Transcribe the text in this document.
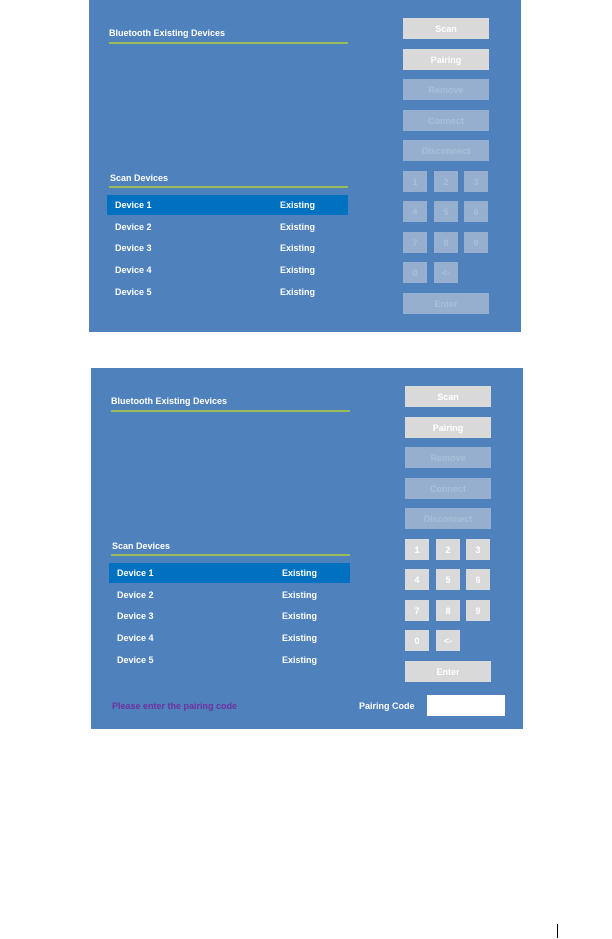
Bluetooth Existing Devices
Scan Devices
Device 1	Existing
Device 2	Existing
Device 3	Existing
Device 4	Existing
Device 5	Existing
Scan
Pairing
Remove
Connect
Disconnect
1	2	3
4	5	6
7	8	9
0	<-
Enter
Bluetooth Existing Devices
Scan Devices
Device 1	Existing
Device 2	Existing
Device 3	Existing
Device 4	Existing
Device 5	Existing
Scan
Pairing
Remove
Connect
Disconnect
1	2	3
4	5	6
7	8	9
0	<-
Enter
Please enter the pairing code	Pairing Code
